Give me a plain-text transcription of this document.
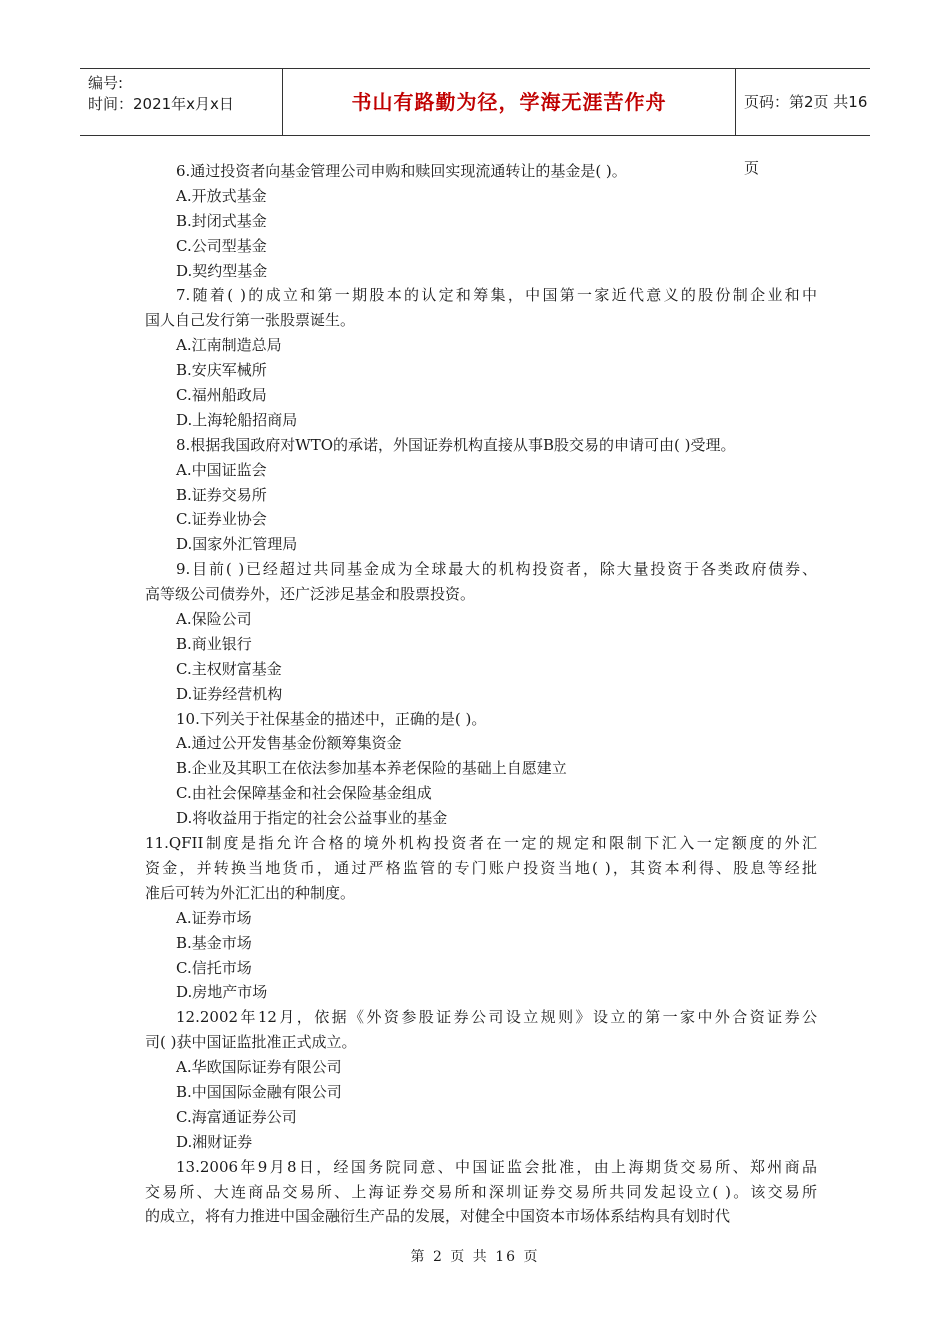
编号:
时间：2021年x月x日	书山有路勤为径，学海无涯苦作舟	页码：第2页 共16页
6.通过投资者向基金管理公司申购和赎回实现流通转让的基金是( )。
A.开放式基金
B.封闭式基金
C.公司型基金
D.契约型基金
7.随着( )的成立和第一期股本的认定和筹集，中国第一家近代意义的股份制企业和中
国人自己发行第一张股票诞生。
A.江南制造总局
B.安庆军械所
C.福州船政局
D.上海轮船招商局
8.根据我国政府对WTO的承诺，外国证券机构直接从事B股交易的申请可由( )受理。
A.中国证监会
B.证券交易所
C.证券业协会
D.国家外汇管理局
9.目前( )已经超过共同基金成为全球最大的机构投资者，除大量投资于各类政府债券、
高等级公司债券外，还广泛涉足基金和股票投资。
A.保险公司
B.商业银行
C.主权财富基金
D.证券经营机构
10.下列关于社保基金的描述中，正确的是( )。
A.通过公开发售基金份额筹集资金
B.企业及其职工在依法参加基本养老保险的基础上自愿建立
C.由社会保障基金和社会保险基金组成
D.将收益用于指定的社会公益事业的基金
11.QFII制度是指允许合格的境外机构投资者在一定的规定和限制下汇入一定额度的外汇
资金，并转换当地货币，通过严格监管的专门账户投资当地( )，其资本利得、股息等经批
准后可转为外汇汇出的种制度。
A.证券市场
B.基金市场
C.信托市场
D.房地产市场
12.2002年12月，依据《外资参股证券公司设立规则》设立的第一家中外合资证券公
司( )获中国证监批准正式成立。
A.华欧国际证券有限公司
B.中国国际金融有限公司
C.海富通证券公司
D.湘财证券
13.2006年9月8日，经国务院同意、中国证监会批准，由上海期货交易所、郑州商品
交易所、大连商品交易所、上海证券交易所和深圳证券交易所共同发起设立( )。该交易所
的成立，将有力推进中国金融衍生产品的发展，对健全中国资本市场体系结构具有划时代
第 2 页 共 16 页
